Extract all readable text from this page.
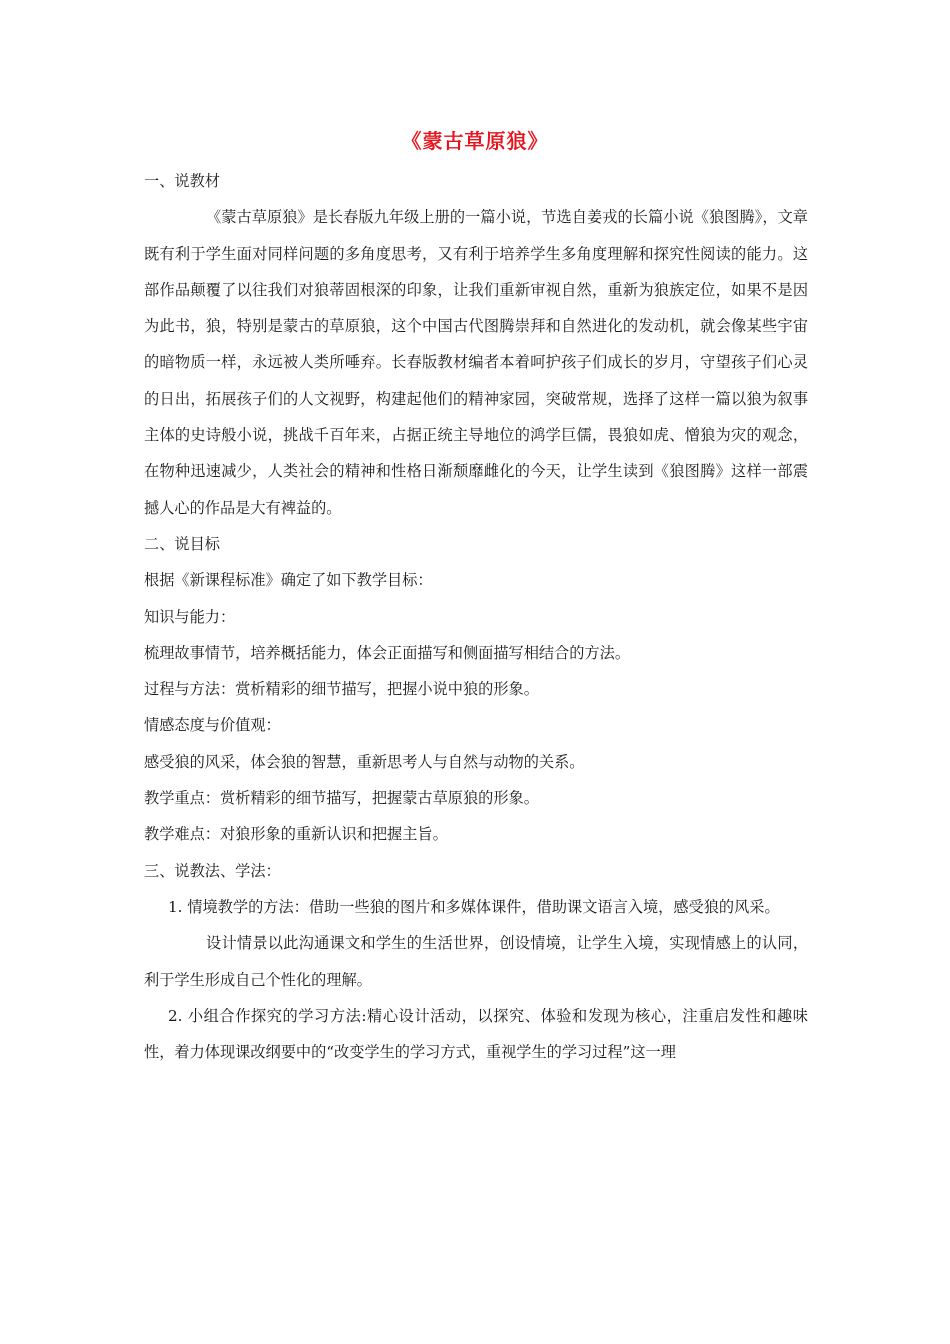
《蒙古草原狼》

一、说教材

《蒙古草原狼》是长春版九年级上册的一篇小说，节选自姜戎的长篇小说《狼图腾》，文章既有利于学生面对同样问题的多角度思考，又有利于培养学生多角度理解和探究性阅读的能力。这部作品颠覆了以往我们对狼蒂固根深的印象，让我们重新审视自然，重新为狼族定位，如果不是因为此书，狼，特别是蒙古的草原狼，这个中国古代图腾崇拜和自然进化的发动机，就会像某些宇宙的暗物质一样，永远被人类所唾弃。长春版教材编者本着呵护孩子们成长的岁月，守望孩子们心灵的日出，拓展孩子们的人文视野，构建起他们的精神家园，突破常规，选择了这样一篇以狼为叙事主体的史诗般小说，挑战千百年来，占据正统主导地位的鸿学巨儒，畏狼如虎、憎狼为灾的观念，在物种迅速减少，人类社会的精神和性格日渐颓靡雌化的今天，让学生读到《狼图腾》这样一部震撼人心的作品是大有裨益的。

二、说目标

根据《新课程标准》确定了如下教学目标：

知识与能力：

梳理故事情节，培养概括能力，体会正面描写和侧面描写相结合的方法。

过程与方法：赏析精彩的细节描写，把握小说中狼的形象。

情感态度与价值观：

感受狼的风采，体会狼的智慧，重新思考人与自然与动物的关系。

教学重点：赏析精彩的细节描写，把握蒙古草原狼的形象。

教学难点：对狼形象的重新认识和把握主旨。

三、说教法、学法：

1. 情境教学的方法：借助一些狼的图片和多媒体课件，借助课文语言入境，感受狼的风采。

设计情景以此沟通课文和学生的生活世界，创设情境，让学生入境，实现情感上的认同，利于学生形成自己个性化的理解。

2. 小组合作探究的学习方法:精心设计活动，以探究、体验和发现为核心，注重启发性和趣味性，着力体现课改纲要中的“改变学生的学习方式，重视学生的学习过程”这一理
